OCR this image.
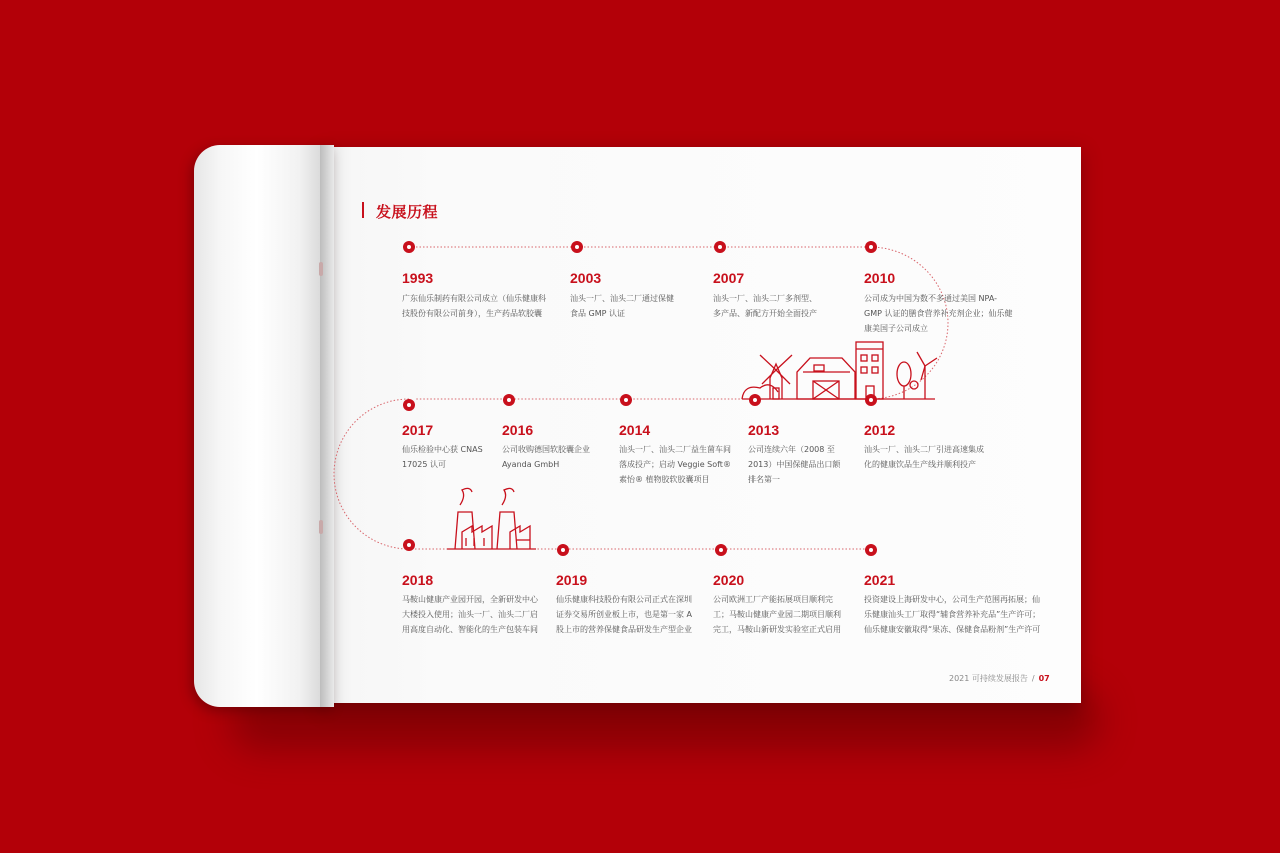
发展历程
1993
广东仙乐制药有限公司成立（仙乐健康科技股份有限公司前身），生产药品软胶囊
2003
汕头一厂、汕头二厂通过保健食品 GMP 认证
2007
汕头一厂、汕头二厂多剂型、多产品、新配方开始全面投产
2010
公司成为中国为数不多通过美国 NPA-GMP 认证的膳食营养补充剂企业；仙乐健康美国子公司成立
2017
仙乐检验中心获 CNAS 17025 认可
2016
公司收购德国软胶囊企业 Ayanda GmbH
2014
汕头一厂、汕头二厂益生菌车间落成投产；启动 Veggie Soft® 素怡® 植物胶软胶囊项目
2013
公司连续六年（2008 至 2013）中国保健品出口额排名第一
2012
汕头一厂、汕头二厂引进高速集成化的健康饮品生产线并顺利投产
2018
马鞍山健康产业园开园，全新研发中心大楼投入使用；汕头一厂、汕头二厂启用高度自动化、智能化的生产包装车间
2019
仙乐健康科技股份有限公司正式在深圳证券交易所创业板上市，也是第一家 A 股上市的营养保健食品研发生产型企业
2020
公司欧洲工厂产能拓展项目顺利完工；马鞍山健康产业园二期项目顺利完工，马鞍山新研发实验室正式启用
2021
投资建设上海研发中心，公司生产范围再拓展；仙乐健康汕头工厂取得“辅食营养补充品”生产许可；仙乐健康安徽取得“果冻、保健食品粉剂”生产许可
2021 可持续发展报告 / 07
